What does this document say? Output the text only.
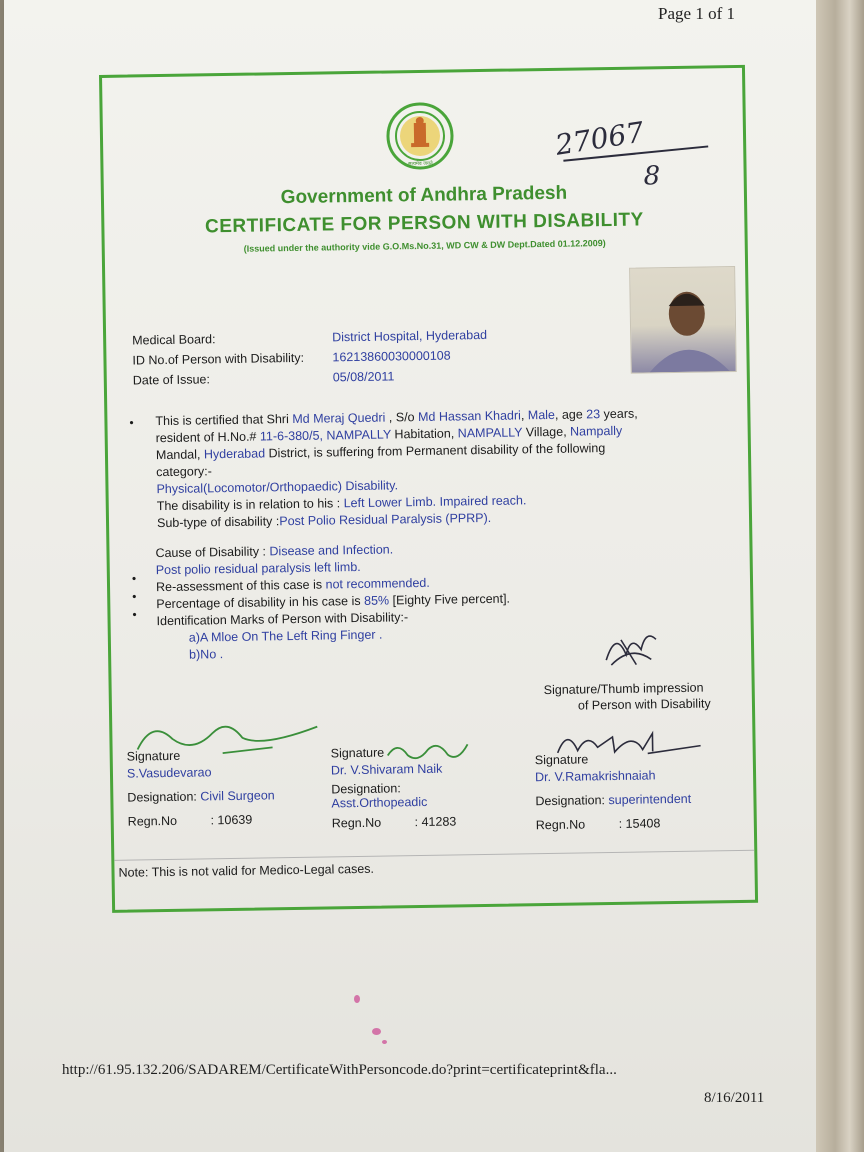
Page 1 of 1
सत्यमेव जयते
27067
8
Government of Andhra Pradesh
CERTIFICATE FOR PERSON WITH DISABILITY
(Issued under the authority vide G.O.Ms.No.31, WD CW & DW Dept.Dated 01.12.2009)
Medical Board:	District Hospital, Hyderabad
ID No.of Person with Disability: 16213860030000108
Date of Issue:	05/08/2011
•
•
•
•
This is certified that Shri Md Meraj Quedri , S/o Md Hassan Khadri, Male, age 23 years,
resident of H.No.# 11-6-380/5, NAMPALLY Habitation, NAMPALLY Village, Nampally
Mandal, Hyderabad District, is suffering from Permanent disability of the following
category:-
Physical(Locomotor/Orthopaedic) Disability.
The disability is in relation to his : Left Lower Limb. Impaired reach.
Sub-type of disability :Post Polio Residual Paralysis (PPRP).
Cause of Disability : Disease and Infection.
Post polio residual paralysis left limb.
Re-assessment of this case is not recommended.
Percentage of disability in his case is 85% [Eighty Five percent].
Identification Marks of Person with Disability:-
a)A Mloe On The Left Ring Finger .
b)No .
Signature/Thumb impression
of Person with Disability
Signature
S.Vasudevarao
Designation: Civil Surgeon
Regn.No	: 10639
Signature
Dr. V.Shivaram Naik
Designation:
Asst.Orthopeadic
Regn.No	: 41283
Signature
Dr. V.Ramakrishnaiah
Designation: superintendent
Regn.No	: 15408
Note: This is not valid for Medico-Legal cases.
http://61.95.132.206/SADAREM/CertificateWithPersoncode.do?print=certificateprint&fla...
8/16/2011
